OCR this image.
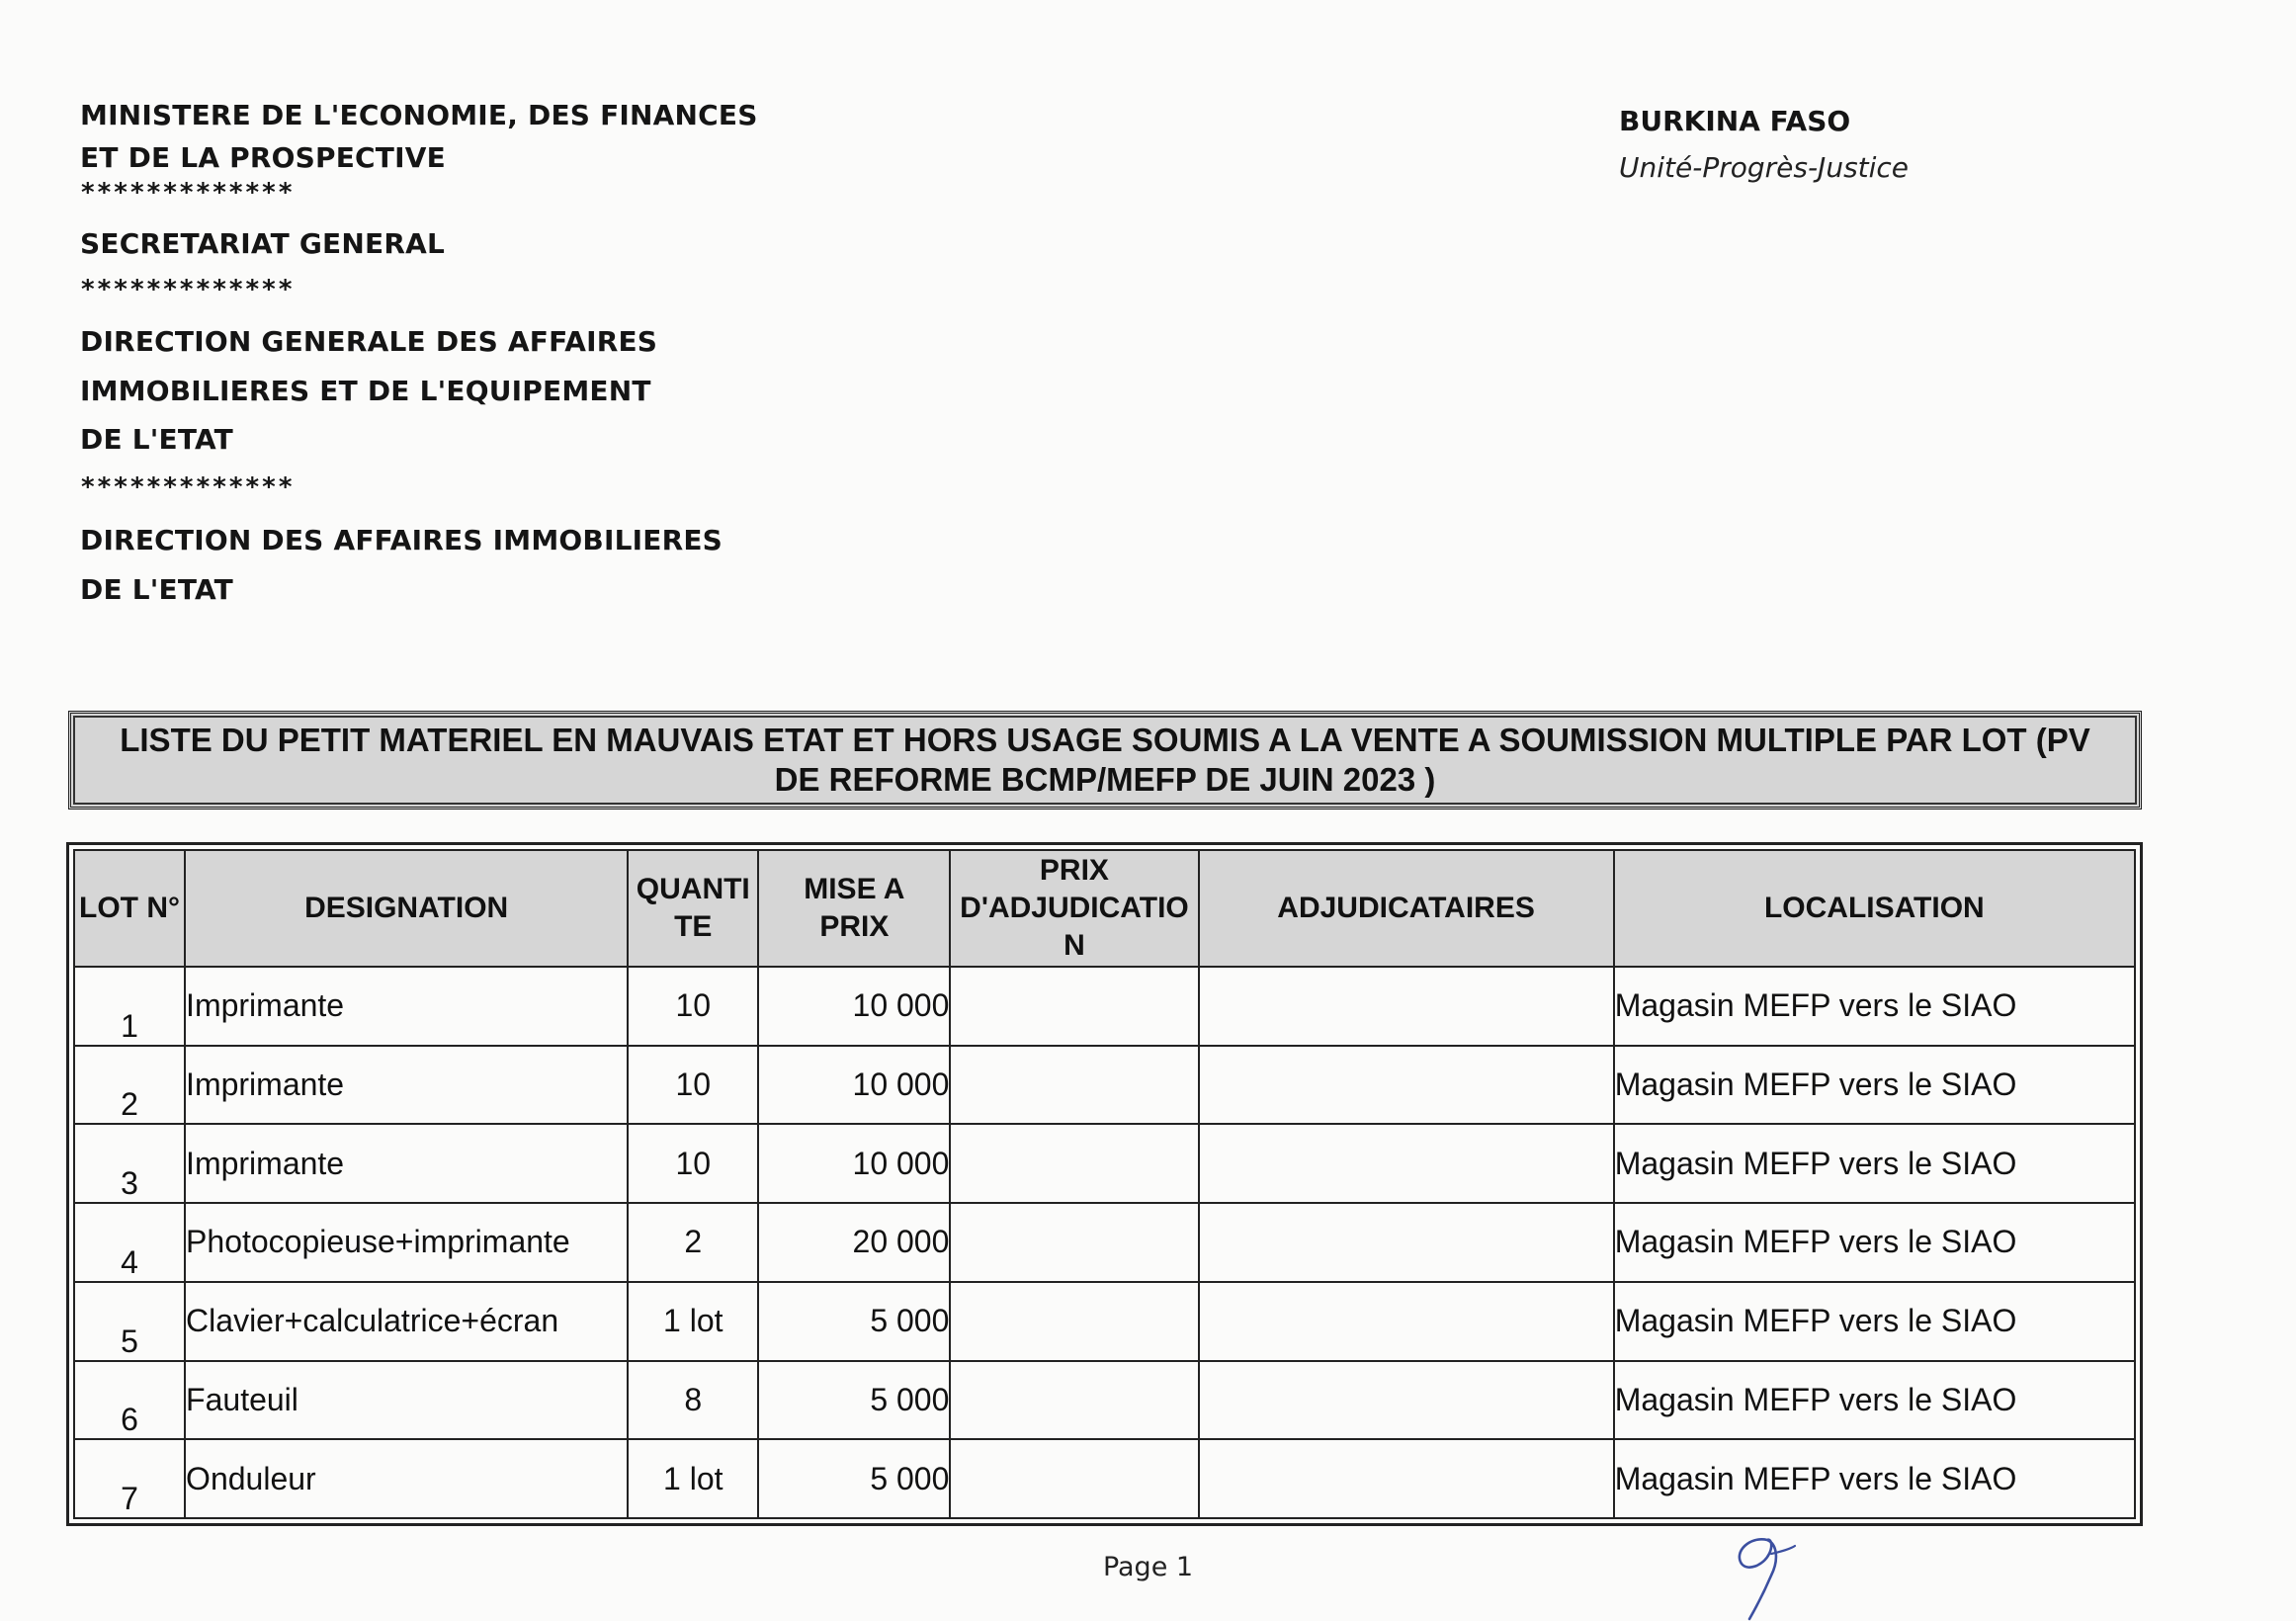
MINISTERE DE L'ECONOMIE, DES FINANCES
ET DE LA PROSPECTIVE
*************
SECRETARIAT GENERAL
*************
DIRECTION GENERALE DES AFFAIRES
IMMOBILIERES ET DE L'EQUIPEMENT
DE L'ETAT
*************
DIRECTION DES AFFAIRES IMMOBILIERES
DE L'ETAT
BURKINA FASO
Unité-Progrès-Justice
LISTE DU PETIT MATERIEL EN MAUVAIS ETAT ET HORS USAGE SOUMIS A LA VENTE A SOUMISSION MULTIPLE PAR LOT (PV DE REFORME BCMP/MEFP DE JUIN 2023 )
LOT N°	DESIGNATION	QUANTI TE	MISE A PRIX	PRIX D'ADJUDICATIO N	ADJUDICATAIRES	LOCALISATION
1	Imprimante	10	10 000			Magasin MEFP vers le SIAO
2	Imprimante	10	10 000			Magasin MEFP vers le SIAO
3	Imprimante	10	10 000			Magasin MEFP vers le SIAO
4	Photocopieuse+imprimante	2	20 000			Magasin MEFP vers le SIAO
5	Clavier+calculatrice+écran	1 lot	5 000			Magasin MEFP vers le SIAO
6	Fauteuil	8	5 000			Magasin MEFP vers le SIAO
7	Onduleur	1 lot	5 000			Magasin MEFP vers le SIAO
Page 1
